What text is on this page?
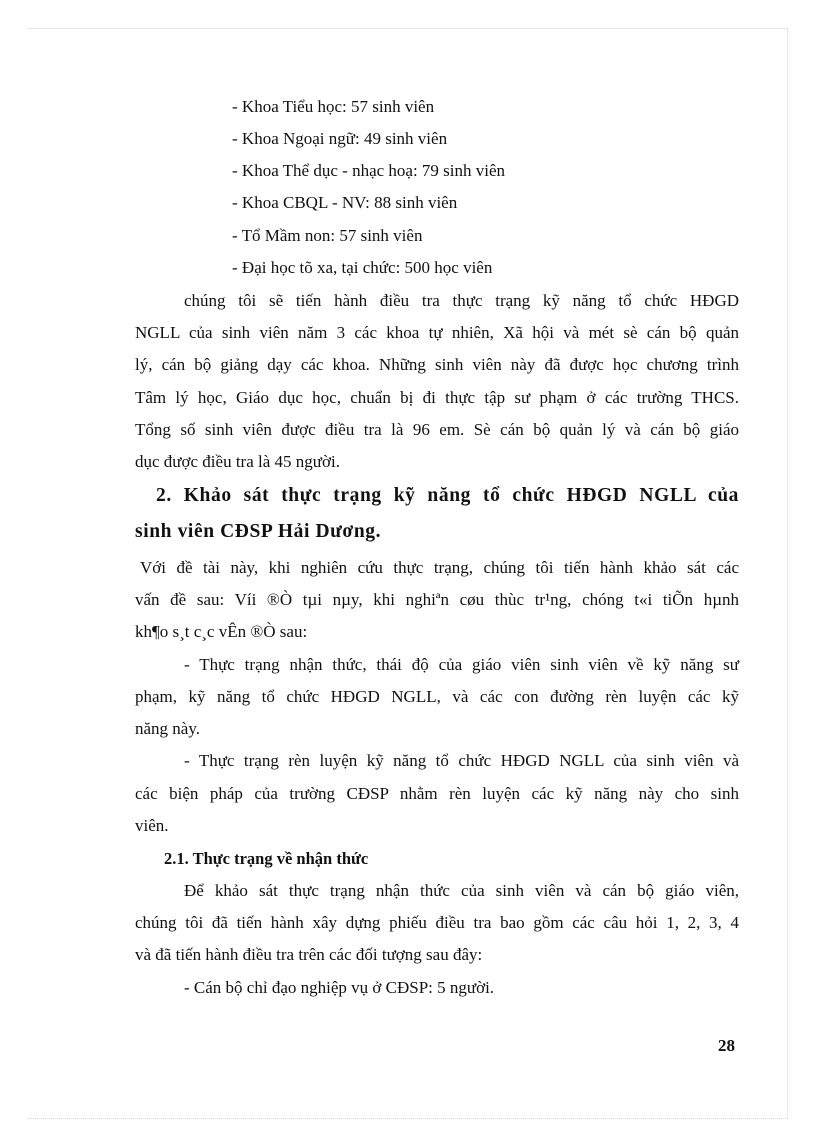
- Khoa Tiểu học: 57 sinh viên
- Khoa Ngoại ngữ: 49 sinh viên
- Khoa Thể dục - nhạc hoạ: 79 sinh viên
- Khoa CBQL - NV: 88 sinh viên
- Tổ Mầm non: 57 sinh viên
- Đại học tõ xa, tại chức: 500 học viên
chúng tôi sẽ tiến hành điều tra thực trạng kỹ năng tổ chức HĐGD
NGLL của sinh viên năm 3 các khoa tự nhiên, Xã hội và mét sè cán bộ quản
lý, cán bộ giảng dạy các khoa. Những sinh viên này đã được học chương trình
Tâm lý học, Giáo dục học, chuẩn bị đi thực tập sư phạm ở các trường THCS.
Tổng số sinh viên được điều tra là 96 em. Sè cán bộ quản lý và cán bộ giáo
dục được điều tra là 45 người.
2. Khảo sát thực trạng kỹ năng tổ chức HĐGD NGLL của
sinh viên CĐSP Hải Dương.
Với đề tài này, khi nghiên cứu thực trạng, chúng tôi tiến hành khảo sát các
vấn đề sau: Víi ®Ò tµi nµy, khi nghiªn cøu thùc tr¹ng, chóng t«i tiÕn hµnh
kh¶o s¸t c¸c vÊn ®Ò sau:
- Thực trạng nhận thức, thái độ của giáo viên sinh viên về kỹ năng sư
phạm, kỹ năng tổ chức HĐGD NGLL, và các con đường rèn luyện các kỹ
năng này.
- Thực trạng rèn luyện kỹ năng tổ chức HĐGD NGLL của sinh viên và
các biện pháp của trường CĐSP nhằm rèn luyện các kỹ năng này cho sinh
viên.
2.1. Thực trạng về nhận thức
Để khảo sát thực trạng nhận thức của sinh viên và cán bộ giáo viên,
chúng tôi đã tiến hành xây dựng phiếu điều tra bao gồm các câu hỏi 1, 2, 3, 4
và đã tiến hành điều tra trên các đối tượng sau đây:
- Cán bộ chỉ đạo nghiệp vụ ở CĐSP: 5 người.
28
